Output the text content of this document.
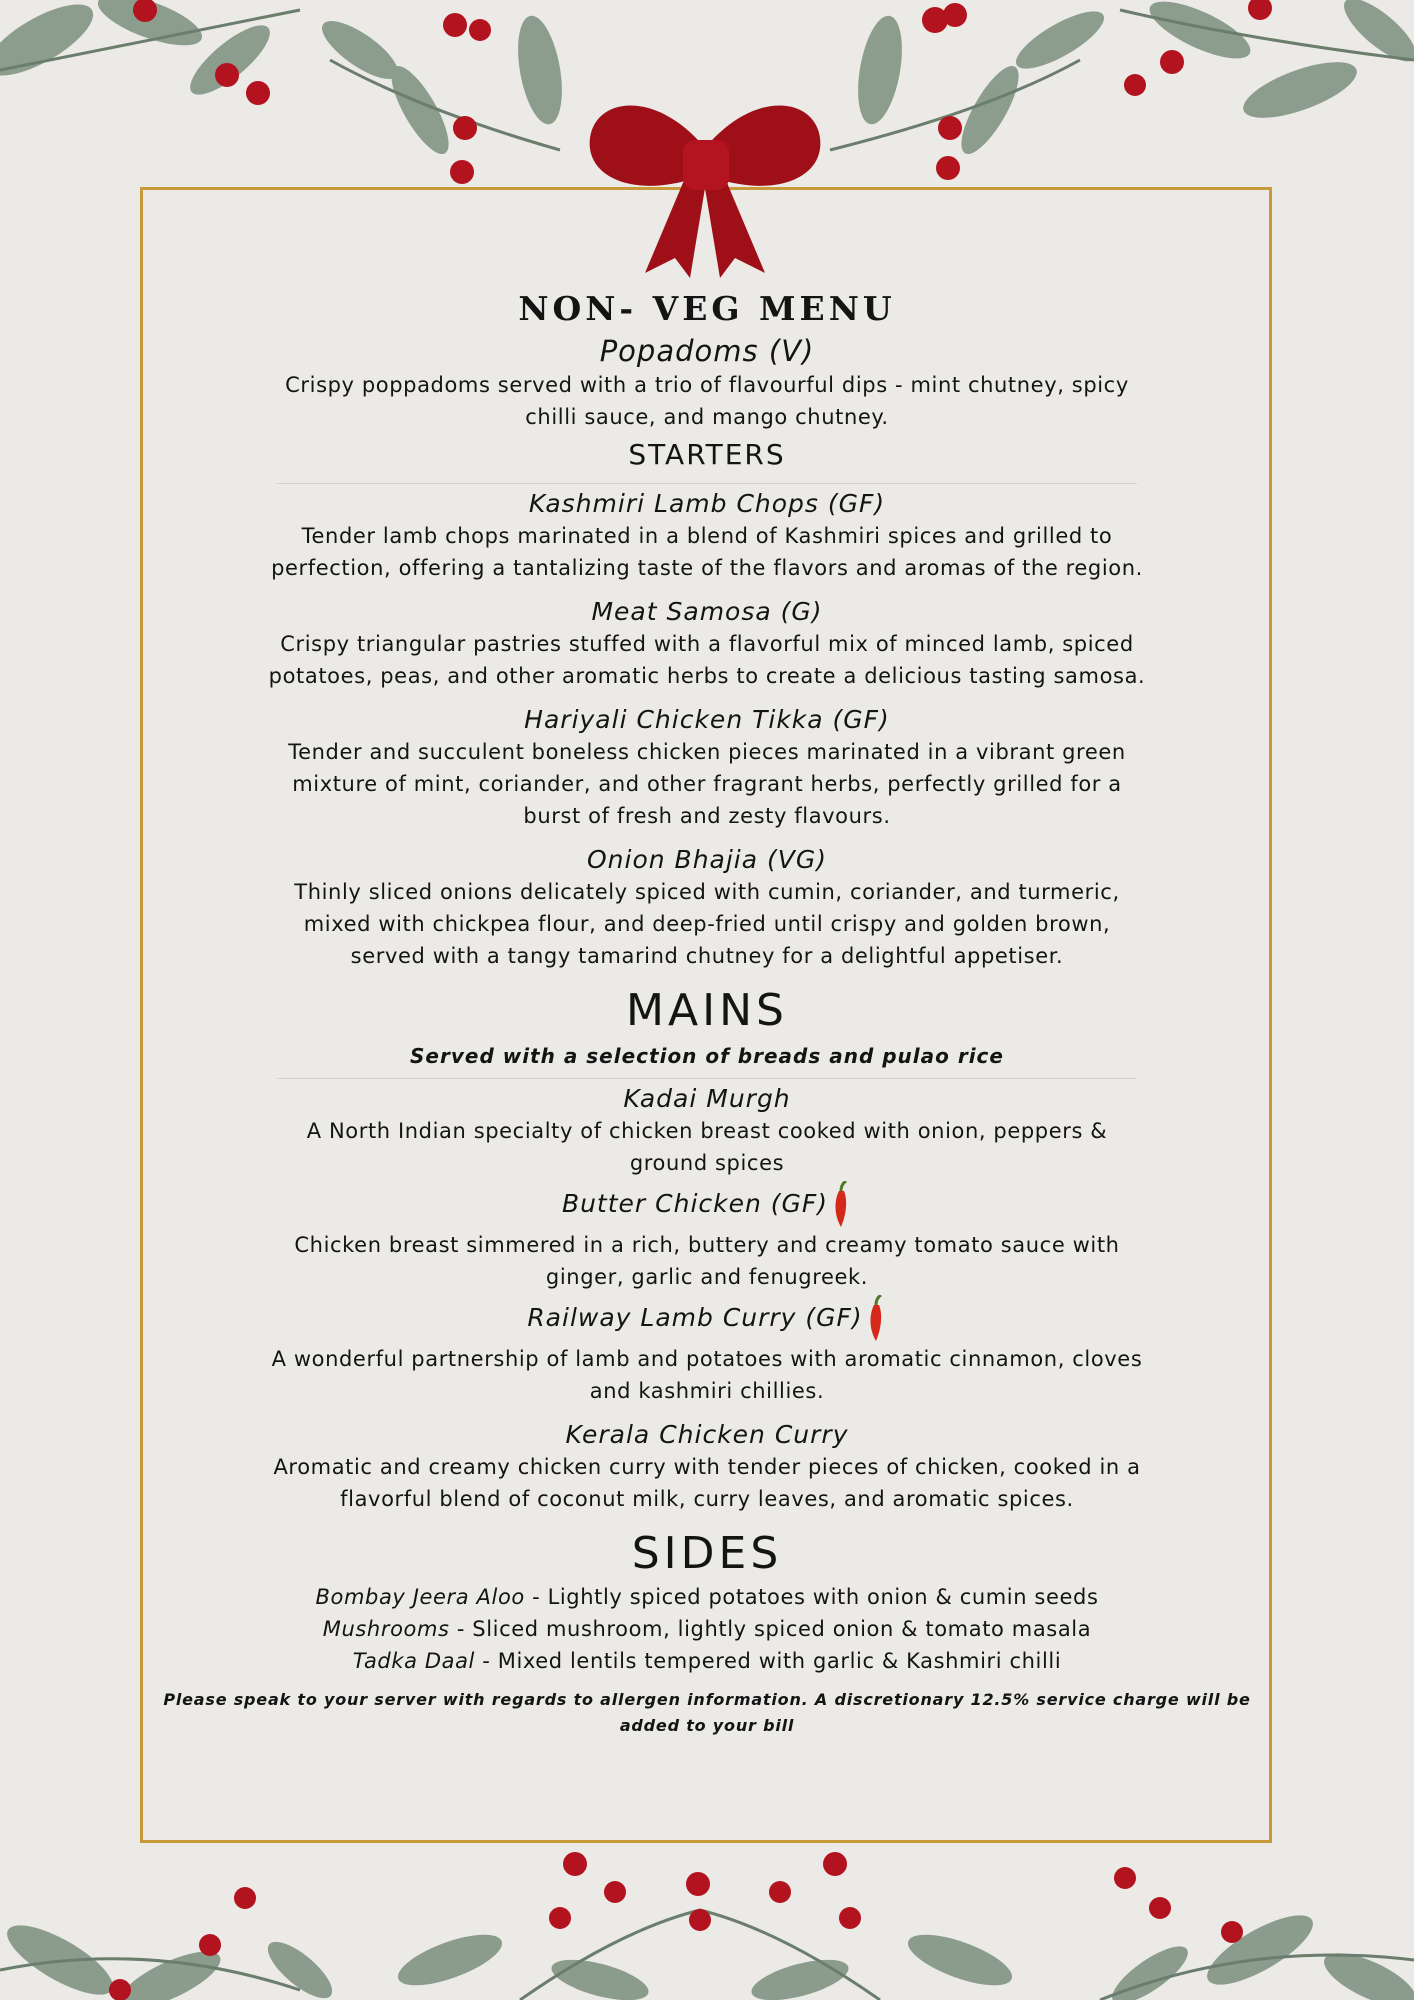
NON- VEG MENU

Popadoms (V)

Crispy poppadoms served with a trio of flavourful dips - mint chutney, spicy chilli sauce, and mango chutney.

STARTERS

Kashmiri Lamb Chops (GF)

Tender lamb chops marinated in a blend of Kashmiri spices and grilled to perfection, offering a tantalizing taste of the flavors and aromas of the region.

Meat Samosa (G)

Crispy triangular pastries stuffed with a flavorful mix of minced lamb, spiced potatoes, peas, and other aromatic herbs to create a delicious tasting samosa.

Hariyali Chicken Tikka (GF)

Tender and succulent boneless chicken pieces marinated in a vibrant green mixture of mint, coriander, and other fragrant herbs, perfectly grilled for a burst of fresh and zesty flavours.

Onion Bhajia (VG)

Thinly sliced onions delicately spiced with cumin, coriander, and turmeric, mixed with chickpea flour, and deep-fried until crispy and golden brown, served with a tangy tamarind chutney for a delightful appetiser.

MAINS

Served with a selection of breads and pulao rice

Kadai Murgh

A North Indian specialty of chicken breast cooked with onion, peppers & ground spices

Butter Chicken (GF)

Chicken breast simmered in a rich, buttery and creamy tomato sauce with ginger, garlic and fenugreek.

Railway Lamb Curry (GF)

A wonderful partnership of lamb and potatoes with aromatic cinnamon, cloves and kashmiri chillies.

Kerala Chicken Curry

Aromatic and creamy chicken curry with tender pieces of chicken, cooked in a flavorful blend of coconut milk, curry leaves, and aromatic spices.

SIDES

Bombay Jeera Aloo - Lightly spiced potatoes with onion & cumin seeds

Mushrooms - Sliced mushroom, lightly spiced onion & tomato masala

Tadka Daal - Mixed lentils tempered with garlic & Kashmiri chilli

Please speak to your server with regards to allergen information. A discretionary 12.5% service charge will be added to your bill
